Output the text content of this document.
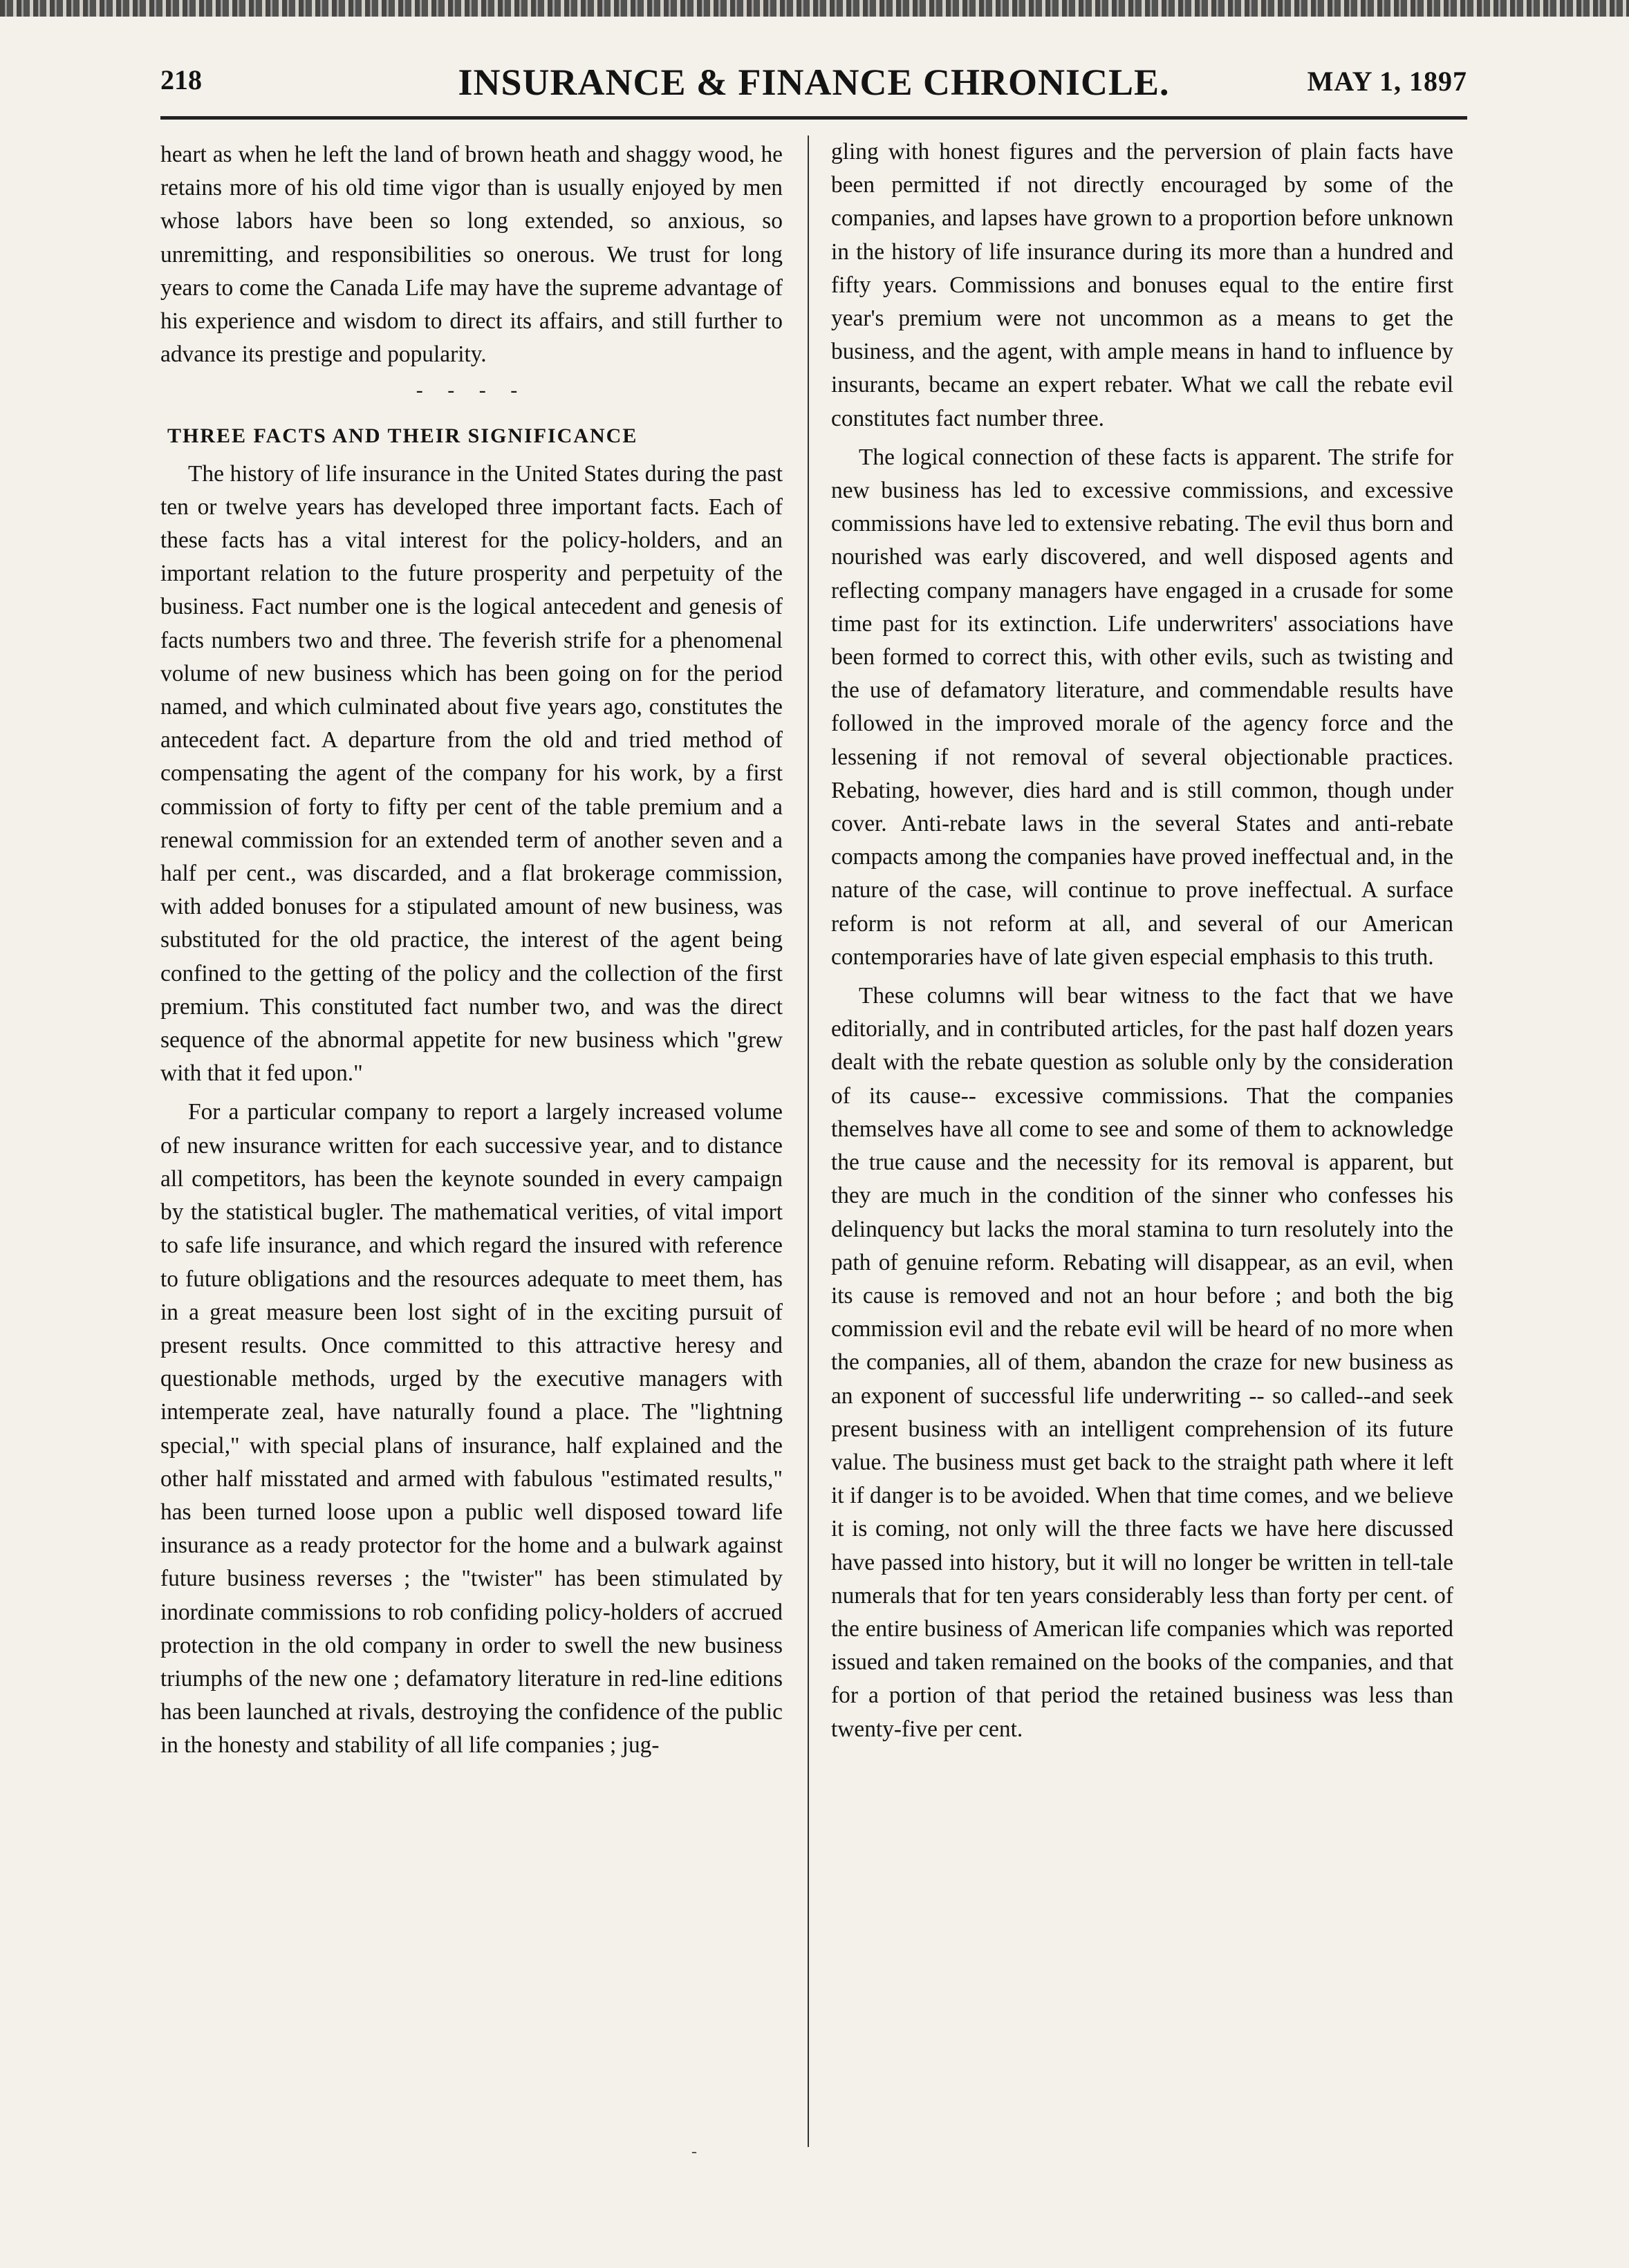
218	INSURANCE & FINANCE CHRONICLE.	MAY 1, 1897

heart as when he left the land of brown heath and shaggy wood, he retains more of his old time vigor than is usually enjoyed by men whose labors have been so long extended, so anxious, so unremitting, and responsibilities so onerous. We trust for long years to come the Canada Life may have the supreme advantage of his experience and wisdom to direct its affairs, and still further to advance its prestige and popularity.

- - - -
THREE FACTS AND THEIR SIGNIFICANCE

The history of life insurance in the United States during the past ten or twelve years has developed three important facts. Each of these facts has a vital interest for the policy-holders, and an important relation to the future prosperity and perpetuity of the business. Fact number one is the logical antecedent and genesis of facts numbers two and three. The feverish strife for a phenomenal volume of new business which has been going on for the period named, and which culminated about five years ago, constitutes the antecedent fact. A departure from the old and tried method of compensating the agent of the company for his work, by a first commission of forty to fifty per cent of the table premium and a renewal commission for an extended term of another seven and a half per cent., was discarded, and a flat brokerage commission, with added bonuses for a stipulated amount of new business, was substituted for the old practice, the interest of the agent being confined to the getting of the policy and the collection of the first premium. This constituted fact number two, and was the direct sequence of the abnormal appetite for new business which "grew with that it fed upon."

For a particular company to report a largely increased volume of new insurance written for each successive year, and to distance all competitors, has been the keynote sounded in every campaign by the statistical bugler. The mathematical verities, of vital import to safe life insurance, and which regard the insured with reference to future obligations and the resources adequate to meet them, has in a great measure been lost sight of in the exciting pursuit of present results. Once committed to this attractive heresy and questionable methods, urged by the executive managers with intemperate zeal, have naturally found a place. The "lightning special," with special plans of insurance, half explained and the other half misstated and armed with fabulous "estimated results," has been turned loose upon a public well disposed toward life insurance as a ready protector for the home and a bulwark against future business reverses ; the "twister" has been stimulated by inordinate commissions to rob confiding policy-holders of accrued protection in the old company in order to swell the new business triumphs of the new one ; defamatory literature in red-line editions has been launched at rivals, destroying the confidence of the public in the honesty and stability of all life companies ; jug-

gling with honest figures and the perversion of plain facts have been permitted if not directly encouraged by some of the companies, and lapses have grown to a proportion before unknown in the history of life insurance during its more than a hundred and fifty years. Commissions and bonuses equal to the entire first year's premium were not uncommon as a means to get the business, and the agent, with ample means in hand to influence by insurants, became an expert rebater. What we call the rebate evil constitutes fact number three.

The logical connection of these facts is apparent. The strife for new business has led to excessive commissions, and excessive commissions have led to extensive rebating. The evil thus born and nourished was early discovered, and well disposed agents and reflecting company managers have engaged in a crusade for some time past for its extinction. Life underwriters' associations have been formed to correct this, with other evils, such as twisting and the use of defamatory literature, and commendable results have followed in the improved morale of the agency force and the lessening if not removal of several objectionable practices. Rebating, however, dies hard and is still common, though under cover. Anti-rebate laws in the several States and anti-rebate compacts among the companies have proved ineffectual and, in the nature of the case, will continue to prove ineffectual. A surface reform is not reform at all, and several of our American contemporaries have of late given especial emphasis to this truth.

These columns will bear witness to the fact that we have editorially, and in contributed articles, for the past half dozen years dealt with the rebate question as soluble only by the consideration of its cause-- excessive commissions. That the companies themselves have all come to see and some of them to acknowledge the true cause and the necessity for its removal is apparent, but they are much in the condition of the sinner who confesses his delinquency but lacks the moral stamina to turn resolutely into the path of genuine reform. Rebating will disappear, as an evil, when its cause is removed and not an hour before ; and both the big commission evil and the rebate evil will be heard of no more when the companies, all of them, abandon the craze for new business as an exponent of successful life underwriting -- so called--and seek present business with an intelligent comprehension of its future value. The business must get back to the straight path where it left it if danger is to be avoided. When that time comes, and we believe it is coming, not only will the three facts we have here discussed have passed into history, but it will no longer be written in tell-tale numerals that for ten years considerably less than forty per cent. of the entire business of American life companies which was reported issued and taken remained on the books of the companies, and that for a portion of that period the retained business was less than twenty-five per cent.

-
